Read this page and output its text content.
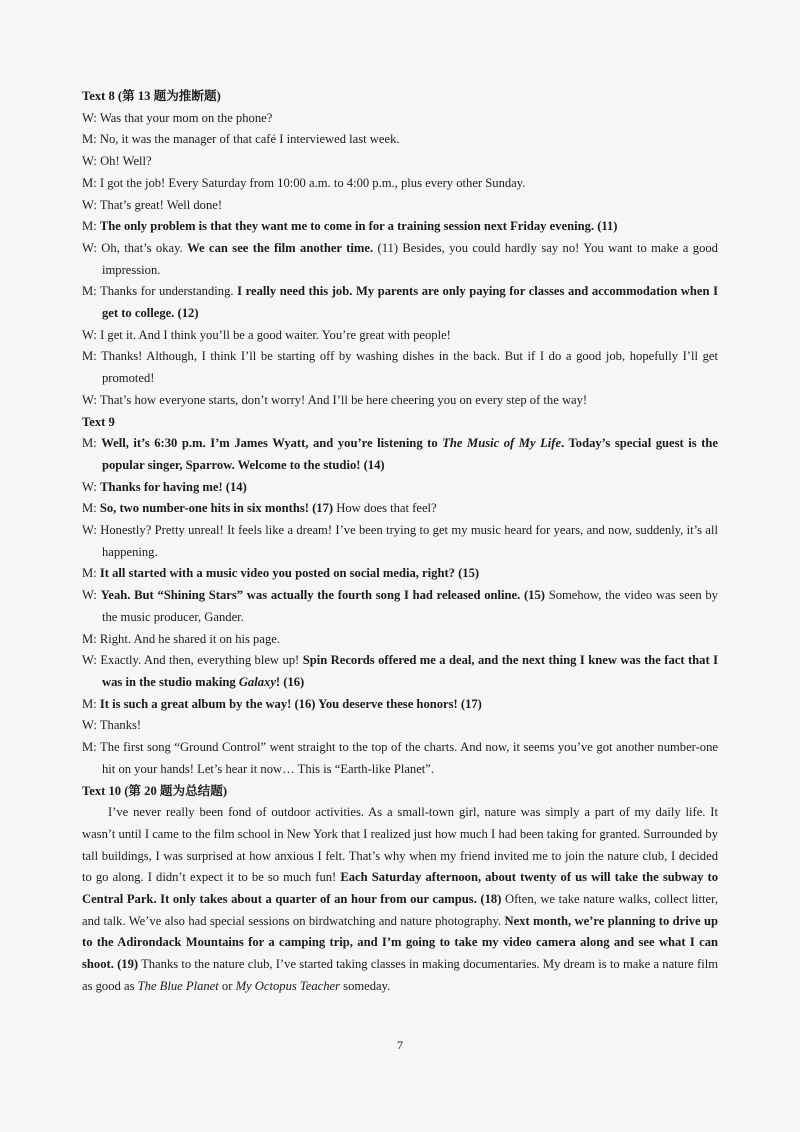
Text 8 (第 13 题为推断题)

W: Was that your mom on the phone?

M: No, it was the manager of that café I interviewed last week.

W: Oh! Well?

M: I got the job! Every Saturday from 10:00 a.m. to 4:00 p.m., plus every other Sunday.

W: That’s great! Well done!

M: The only problem is that they want me to come in for a training session next Friday evening. (11)

W: Oh, that’s okay. We can see the film another time. (11) Besides, you could hardly say no! You want to make a good impression.

M: Thanks for understanding. I really need this job. My parents are only paying for classes and accommodation when I get to college. (12)

W: I get it. And I think you’ll be a good waiter. You’re great with people!

M: Thanks! Although, I think I’ll be starting off by washing dishes in the back. But if I do a good job, hopefully I’ll get promoted!

W: That’s how everyone starts, don’t worry! And I’ll be here cheering you on every step of the way!

Text 9

M: Well, it’s 6:30 p.m. I’m James Wyatt, and you’re listening to The Music of My Life. Today’s special guest is the popular singer, Sparrow. Welcome to the studio! (14)

W: Thanks for having me! (14)

M: So, two number-one hits in six months! (17) How does that feel?

W: Honestly? Pretty unreal! It feels like a dream! I’ve been trying to get my music heard for years, and now, suddenly, it’s all happening.

M: It all started with a music video you posted on social media, right? (15)

W: Yeah. But “Shining Stars” was actually the fourth song I had released online. (15) Somehow, the video was seen by the music producer, Gander.

M: Right. And he shared it on his page.

W: Exactly. And then, everything blew up! Spin Records offered me a deal, and the next thing I knew was the fact that I was in the studio making Galaxy! (16)

M: It is such a great album by the way! (16) You deserve these honors! (17)

W: Thanks!

M: The first song “Ground Control” went straight to the top of the charts. And now, it seems you’ve got another number-one hit on your hands! Let’s hear it now… This is “Earth-like Planet”.

Text 10 (第 20 题为总结题)

I’ve never really been fond of outdoor activities. As a small-town girl, nature was simply a part of my daily life. It wasn’t until I came to the film school in New York that I realized just how much I had been taking for granted. Surrounded by tall buildings, I was surprised at how anxious I felt. That’s why when my friend invited me to join the nature club, I decided to go along. I didn’t expect it to be so much fun! Each Saturday afternoon, about twenty of us will take the subway to Central Park. It only takes about a quarter of an hour from our campus. (18) Often, we take nature walks, collect litter, and talk. We’ve also had special sessions on birdwatching and nature photography. Next month, we’re planning to drive up to the Adirondack Mountains for a camping trip, and I’m going to take my video camera along and see what I can shoot. (19) Thanks to the nature club, I’ve started taking classes in making documentaries. My dream is to make a nature film as good as The Blue Planet or My Octopus Teacher someday.

7
